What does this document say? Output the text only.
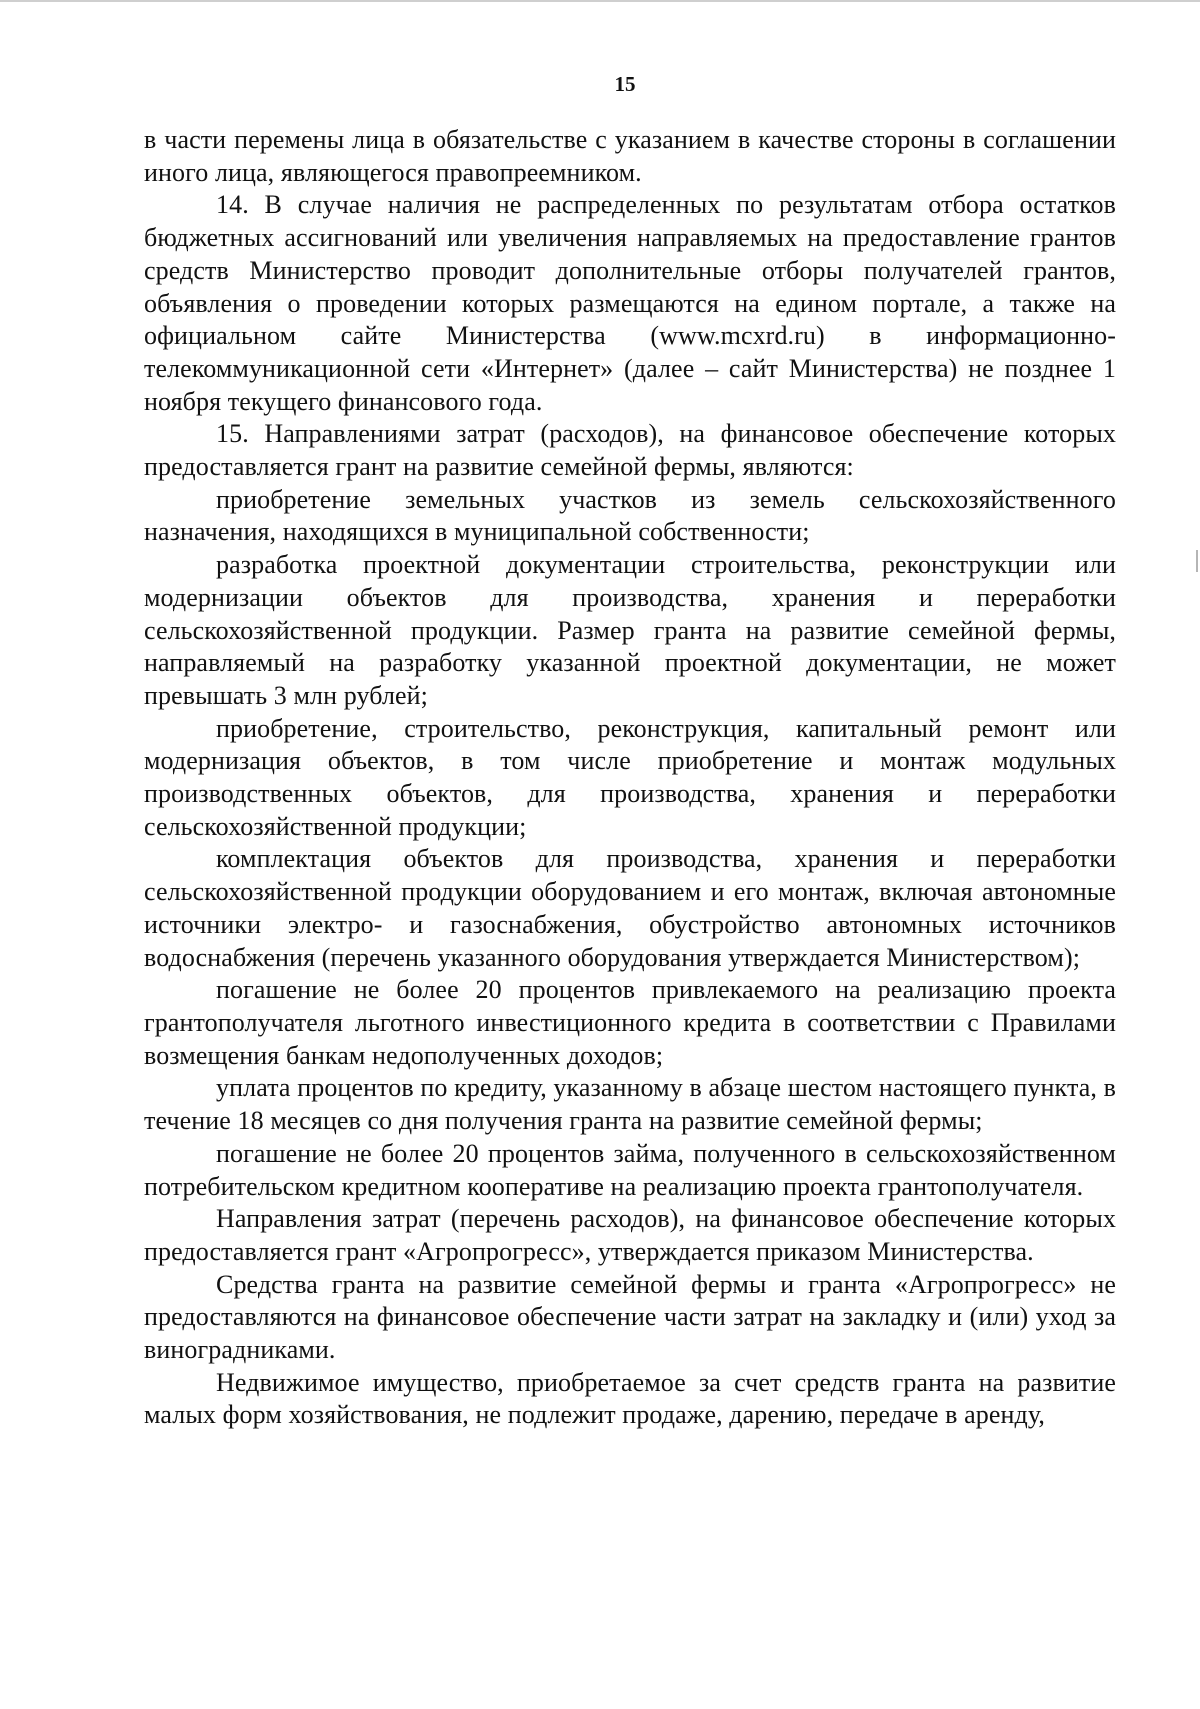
15

в части перемены лица в обязательстве с указанием в качестве стороны в соглашении иного лица, являющегося правопреемником.

14. В случае наличия не распределенных по результатам отбора остатков бюджетных ассигнований или увеличения направляемых на предоставление грантов средств Министерство проводит дополнительные отборы получателей грантов, объявления о проведении которых размещаются на едином портале, а также на официальном сайте Министерства (www.mcxrd.ru) в информационно-телекоммуникационной сети «Интернет» (далее – сайт Министерства) не позднее 1 ноября текущего финансового года.

15. Направлениями затрат (расходов), на финансовое обеспечение которых предоставляется грант на развитие семейной фермы, являются:

приобретение земельных участков из земель сельскохозяйственного назначения, находящихся в муниципальной собственности;

разработка проектной документации строительства, реконструкции или модернизации объектов для производства, хранения и переработки сельскохозяйственной продукции. Размер гранта на развитие семейной фермы, направляемый на разработку указанной проектной документации, не может превышать 3 млн рублей;

приобретение, строительство, реконструкция, капитальный ремонт или модернизация объектов, в том числе приобретение и монтаж модульных производственных объектов, для производства, хранения и переработки сельскохозяйственной продукции;

комплектация объектов для производства, хранения и переработки сельскохозяйственной продукции оборудованием и его монтаж, включая автономные источники электро- и газоснабжения, обустройство автономных источников водоснабжения (перечень указанного оборудования утверждается Министерством);

погашение не более 20 процентов привлекаемого на реализацию проекта грантополучателя льготного инвестиционного кредита в соответствии с Правилами возмещения банкам недополученных доходов;

уплата процентов по кредиту, указанному в абзаце шестом настоящего пункта, в течение 18 месяцев со дня получения гранта на развитие семейной фермы;

погашение не более 20 процентов займа, полученного в сельскохозяйственном потребительском кредитном кооперативе на реализацию проекта грантополучателя.

Направления затрат (перечень расходов), на финансовое обеспечение которых предоставляется грант «Агропрогресс», утверждается приказом Министерства.

Средства гранта на развитие семейной фермы и гранта «Агропрогресс» не предоставляются на финансовое обеспечение части затрат на закладку и (или) уход за виноградниками.

Недвижимое имущество, приобретаемое за счет средств гранта на развитие малых форм хозяйствования, не подлежит продаже, дарению, передаче в аренду,
